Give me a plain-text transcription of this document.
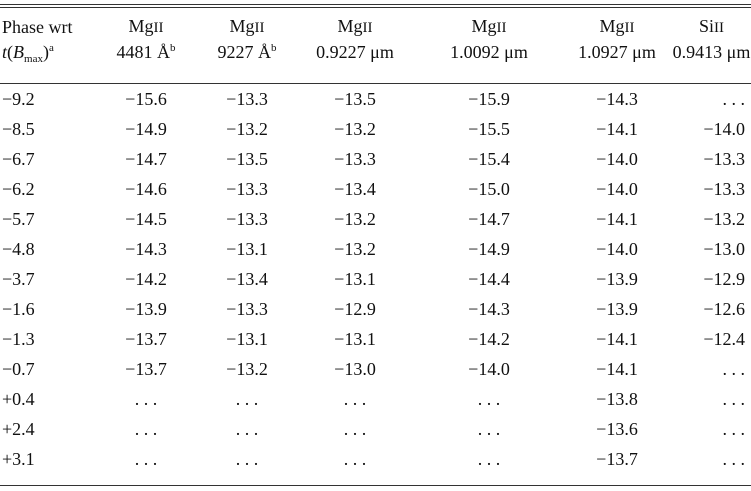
Phase wrt	MgII	MgII	MgII	MgII	MgII	SiII
$t(B_{max})^a$	4481 $Å^b$	9227 $Å^b$	0.9227 μm	1.0092 μm	1.0927 μm	0.9413 μm
−9.2	−15.6	−13.3	−13.5	−15.9	−14.3	. . .
−8.5	−14.9	−13.2	−13.2	−15.5	−14.1	−14.0
−6.7	−14.7	−13.5	−13.3	−15.4	−14.0	−13.3
−6.2	−14.6	−13.3	−13.4	−15.0	−14.0	−13.3
−5.7	−14.5	−13.3	−13.2	−14.7	−14.1	−13.2
−4.8	−14.3	−13.1	−13.2	−14.9	−14.0	−13.0
−3.7	−14.2	−13.4	−13.1	−14.4	−13.9	−12.9
−1.6	−13.9	−13.3	−12.9	−14.3	−13.9	−12.6
−1.3	−13.7	−13.1	−13.1	−14.2	−14.1	−12.4
−0.7	−13.7	−13.2	−13.0	−14.0	−14.1	. . .
+0.4	. . .	. . .	. . .	. . .	−13.8	. . .
+2.4	. . .	. . .	. . .	. . .	−13.6	. . .
+3.1	. . .	. . .	. . .	. . .	−13.7	. . .
